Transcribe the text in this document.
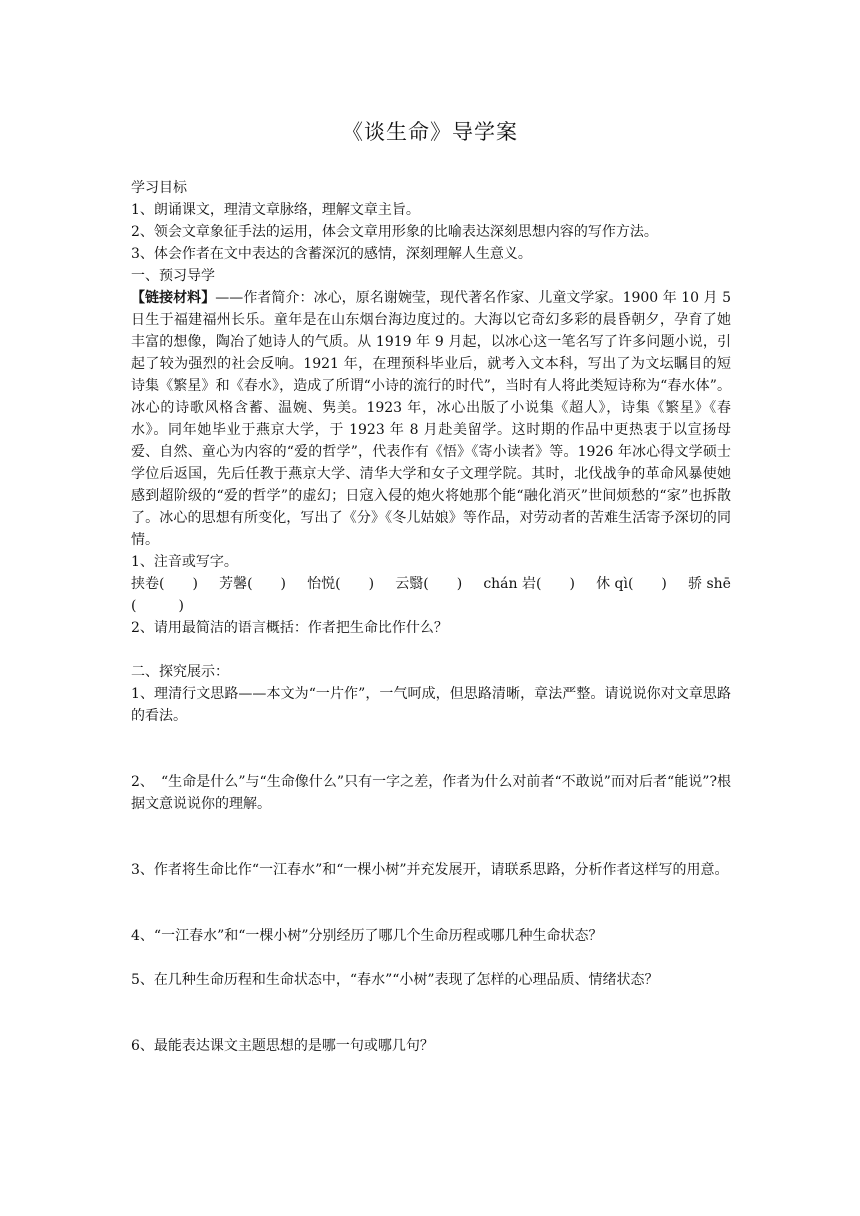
《谈生命》导学案

学习目标

1、朗诵课文，理清文章脉络，理解文章主旨。

2、领会文章象征手法的运用，体会文章用形象的比喻表达深刻思想内容的写作方法。

3、体会作者在文中表达的含蓄深沉的感情，深刻理解人生意义。

一、预习导学

【链接材料】——作者简介：冰心，原名谢婉莹，现代著名作家、儿童文学家。1900 年 10 月 5 日生于福建福州长乐。童年是在山东烟台海边度过的。大海以它奇幻多彩的晨昏朝夕，孕育了她丰富的想像，陶冶了她诗人的气质。从 1919 年 9 月起，以冰心这一笔名写了许多问题小说，引起了较为强烈的社会反响。1921 年，在理预科毕业后，就考入文本科，写出了为文坛瞩目的短诗集《繁星》和《春水》，造成了所谓“小诗的流行的时代”，当时有人将此类短诗称为“春水体”。冰心的诗歌风格含蓄、温婉、隽美。1923 年，冰心出版了小说集《超人》，诗集《繁星》《春水》。同年她毕业于燕京大学，于 1923 年 8 月赴美留学。这时期的作品中更热衷于以宣扬母爱、自然、童心为内容的“爱的哲学”，代表作有《悟》《寄小读者》等。1926 年冰心得文学硕士学位后返国，先后任教于燕京大学、清华大学和女子文理学院。其时，北伐战争的革命风暴使她感到超阶级的“爱的哲学”的虚幻；日寇入侵的炮火将她那个能“融化消灭”世间烦愁的“家”也拆散了。冰心的思想有所变化，写出了《分》《冬儿姑娘》等作品，对劳动者的苦难生活寄予深切的同情。

1、注音或写字。

挟卷(　　) 芳馨(　　) 怡悦(　　) 云翳(　　) chán 岩(　　) 休 qì(　　) 骄 shē

(　　　)

2、请用最简洁的语言概括：作者把生命比作什么？

二、探究展示：

1、理清行文思路——本文为“一片作”，一气呵成，但思路清晰，章法严整。请说说你对文章思路的看法。

2、　“生命是什么”与“生命像什么”只有一字之差，作者为什么对前者“不敢说”而对后者“能说”?根据文意说说你的理解。

3、作者将生命比作“一江春水”和“一棵小树”并充发展开，请联系思路，分析作者这样写的用意。

4、“一江春水”和“一棵小树”分别经历了哪几个生命历程或哪几种生命状态？

5、在几种生命历程和生命状态中，“春水”“小树”表现了怎样的心理品质、情绪状态？

6、最能表达课文主题思想的是哪一句或哪几句？
